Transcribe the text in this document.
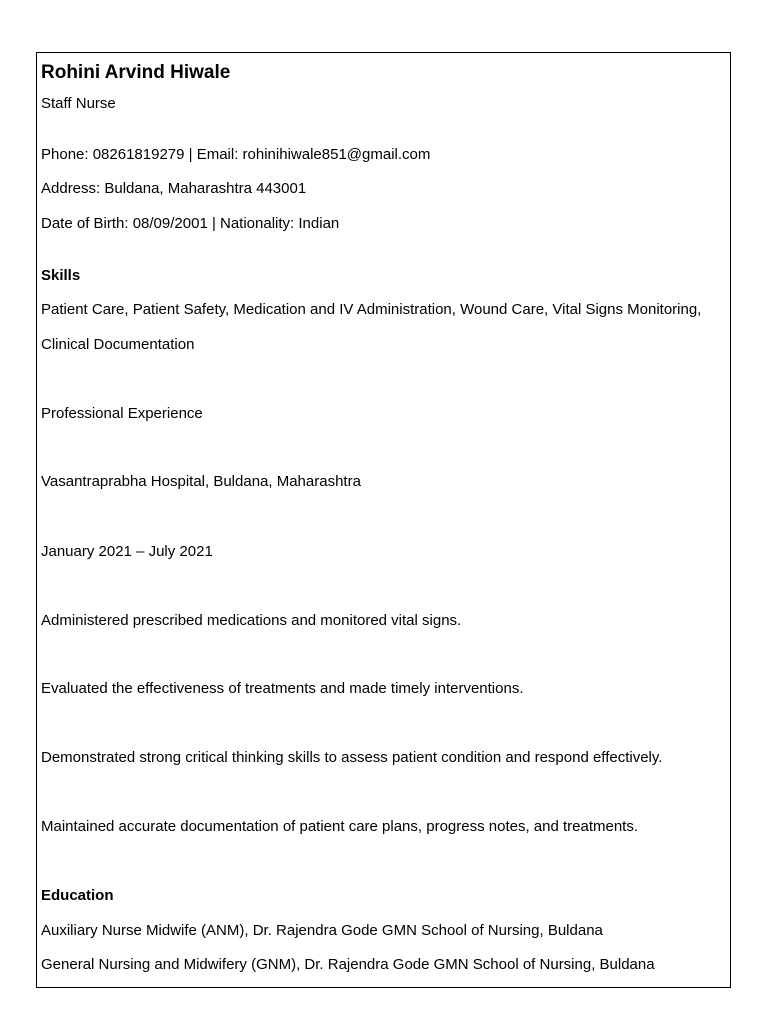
Rohini Arvind Hiwale
Staff Nurse
Phone: 08261819279 | Email: rohinihiwale851@gmail.com
Address: Buldana, Maharashtra 443001
Date of Birth: 08/09/2001 | Nationality: Indian
Skills
Patient Care, Patient Safety, Medication and IV Administration, Wound Care, Vital Signs Monitoring,
Clinical Documentation
Professional Experience
Vasantraprabha Hospital, Buldana, Maharashtra
January 2021 – July 2021
Administered prescribed medications and monitored vital signs.
Evaluated the effectiveness of treatments and made timely interventions.
Demonstrated strong critical thinking skills to assess patient condition and respond effectively.
Maintained accurate documentation of patient care plans, progress notes, and treatments.
Education
Auxiliary Nurse Midwife (ANM), Dr. Rajendra Gode GMN School of Nursing, Buldana
General Nursing and Midwifery (GNM), Dr. Rajendra Gode GMN School of Nursing, Buldana
